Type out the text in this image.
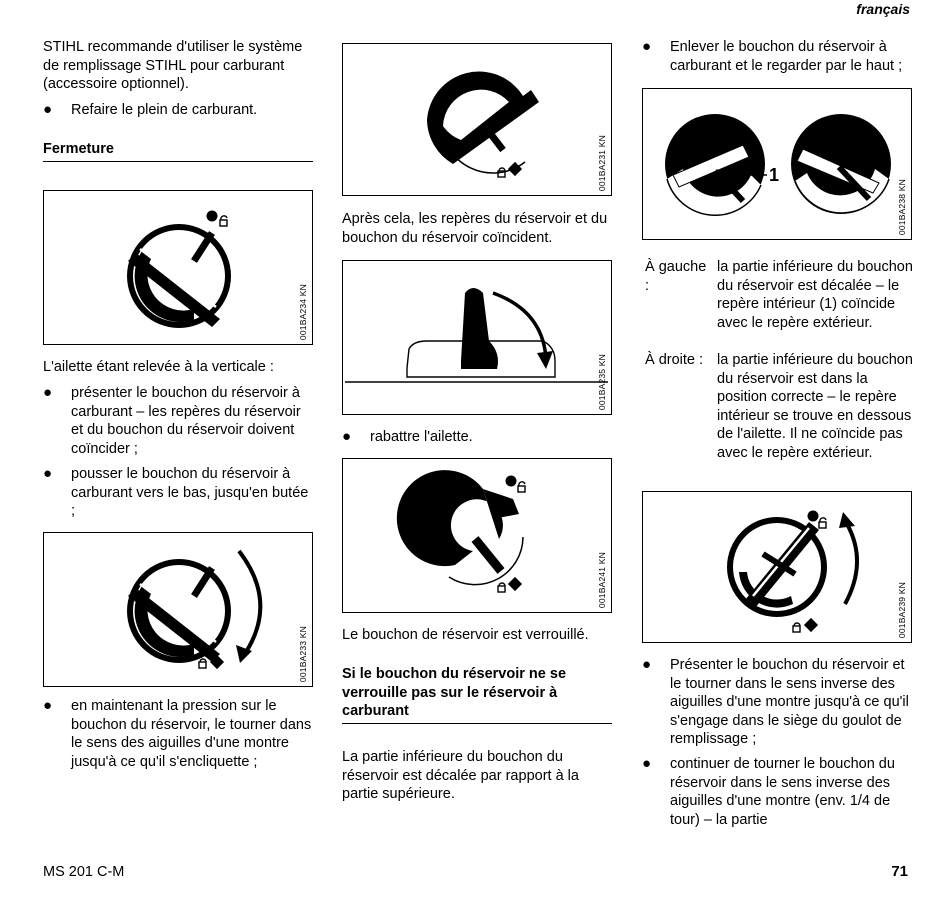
français
STIHL recommande d'utiliser le système de remplissage STIHL pour carburant (accessoire optionnel).
● Refaire le plein de carburant.
Fermeture
001BA234 KN
L'ailette étant relevée à la verticale :
● présenter le bouchon du réservoir à carburant – les repères du réservoir et du bouchon du réservoir doivent coïncider ;
● pousser le bouchon du réservoir à carburant vers le bas, jusqu'en butée ;
001BA233 KN
● en maintenant la pression sur le bouchon du réservoir, le tourner dans le sens des aiguilles d'une montre jusqu'à ce qu'il s'encliquette ;
001BA231 KN
Après cela, les repères du réservoir et du bouchon du réservoir coïncident.
001BA235 KN
● rabattre l'ailette.
001BA241 KN
Le bouchon de réservoir est verrouillé.
Si le bouchon du réservoir ne se verrouille pas sur le réservoir à carburant
La partie inférieure du bouchon du réservoir est décalée par rapport à la partie supérieure.
● Enlever le bouchon du réservoir à carburant et le regarder par le haut ;
1
001BA238 KN
À gauche :
la partie inférieure du bouchon du réservoir est décalée – le repère intérieur (1) coïncide avec le repère extérieur.
À droite : la partie inférieure du bouchon du réservoir est dans la position correcte – le repère intérieur se trouve en dessous de l'ailette. Il ne coïncide pas avec le repère extérieur.
001BA239 KN
● Présenter le bouchon du réservoir et le tourner dans le sens inverse des aiguilles d'une montre jusqu'à ce qu'il s'engage dans le siège du goulot de remplissage ;
● continuer de tourner le bouchon du réservoir dans le sens inverse des aiguilles d'une montre (env. 1/4 de tour) – la partie
MS 201 C-M	71
